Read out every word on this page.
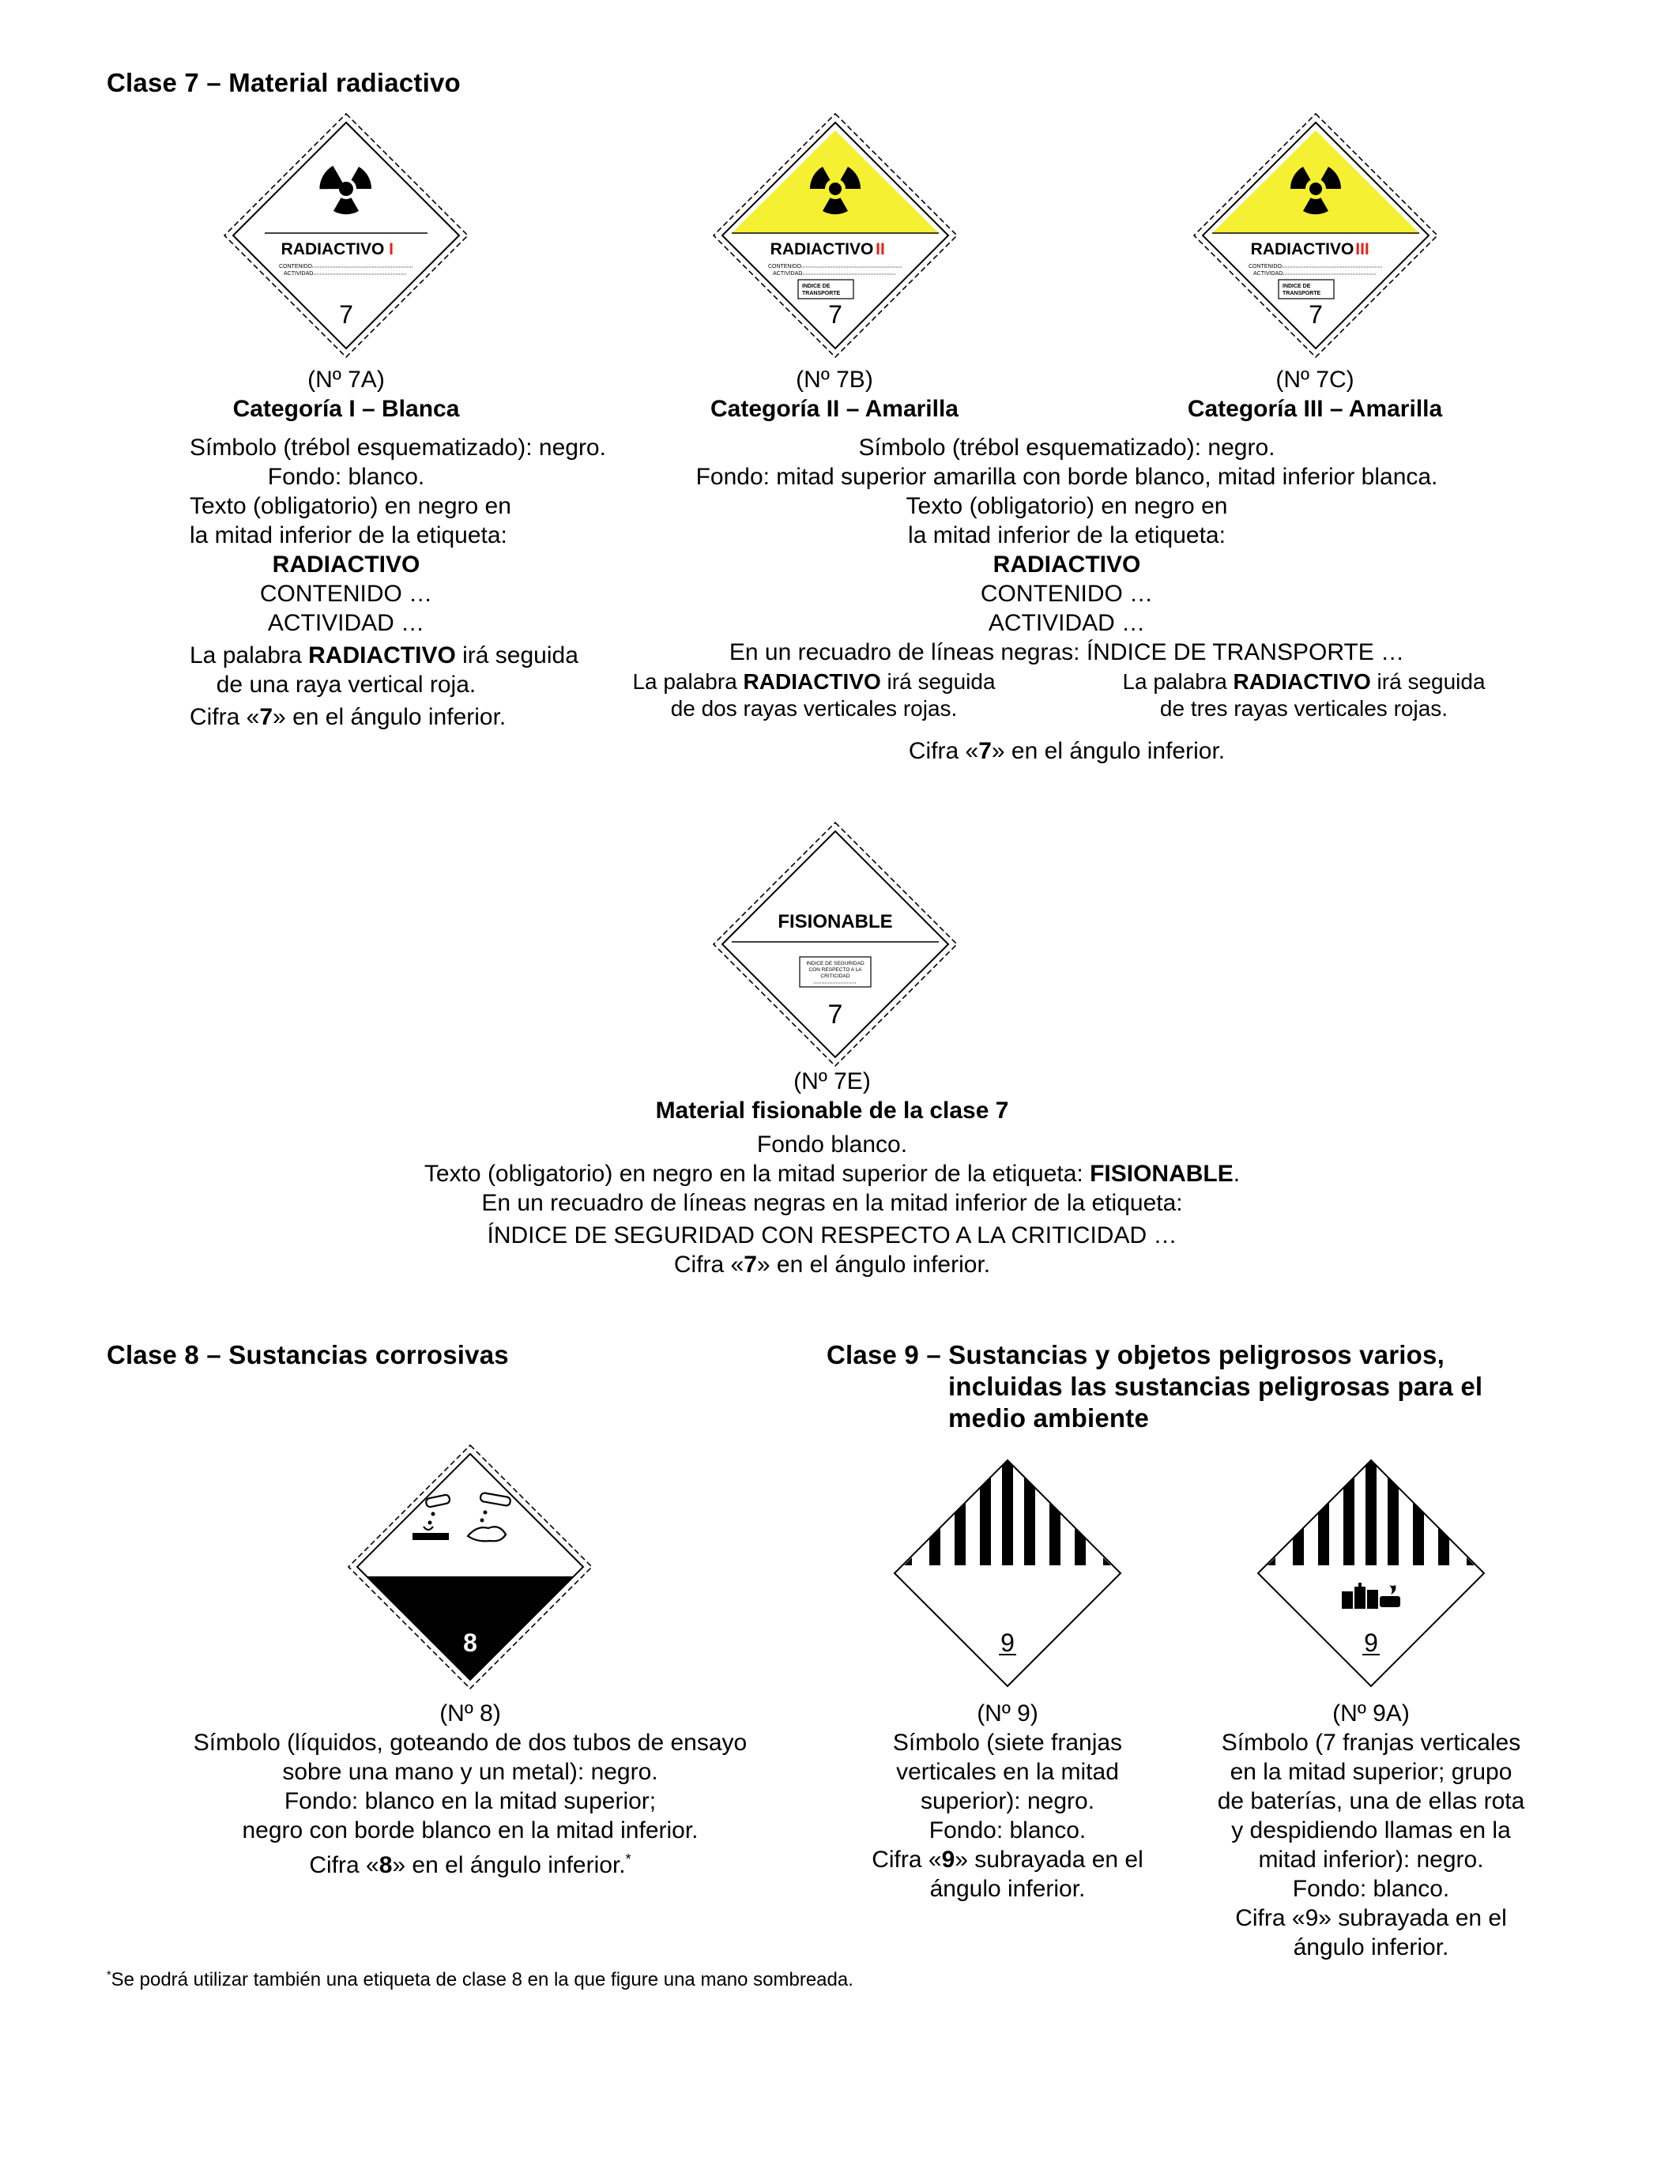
Clase 7 – Material radiactivo
Clase 8 – Sustancias corrosivas	Clase 9 – Sustancias y objetos peligrosos varios,
incluidas las sustancias peligrosas para el
medio ambiente
RADIACTIVO I
CONTENIDO
ACTIVIDAD
7
RADIACTIVO II
CONTENIDO
ACTIVIDAD
INDICE DE
TRANSPORTE
7
RADIACTIVO III
CONTENIDO
ACTIVIDAD
INDICE DE
TRANSPORTE
7
(Nº 7A)
Categoría I – Blanca
Símbolo (trébol esquematizado): negro.
Fondo: blanco.
Texto (obligatorio) en negro en
la mitad inferior de la etiqueta:
RADIACTIVO
CONTENIDO …
ACTIVIDAD …
La palabra RADIACTIVO irá seguida
de una raya vertical roja.
Cifra «7» en el ángulo inferior.
(Nº 7B)
Categoría II – Amarilla
(Nº 7C)
Categoría III – Amarilla
Símbolo (trébol esquematizado): negro.
Fondo: mitad superior amarilla con borde blanco, mitad inferior blanca.
Texto (obligatorio) en negro en
la mitad inferior de la etiqueta:
RADIACTIVO
CONTENIDO …
ACTIVIDAD …
En un recuadro de líneas negras: ÍNDICE DE TRANSPORTE …
La palabra RADIACTIVO irá seguida
de dos rayas verticales rojas.
La palabra RADIACTIVO irá seguida
de tres rayas verticales rojas.
Cifra «7» en el ángulo inferior.
FISIONABLE
INDICE DE SEGURIDAD
CON RESPECTO A LA
CRITICIDAD
7
(Nº 7E)
Material fisionable de la clase 7
Fondo blanco.
Texto (obligatorio) en negro en la mitad superior de la etiqueta: FISIONABLE.
En un recuadro de líneas negras en la mitad inferior de la etiqueta:
ÍNDICE DE SEGURIDAD CON RESPECTO A LA CRITICIDAD …
Cifra «7» en el ángulo inferior.
8
(Nº 8)
Símbolo (líquidos, goteando de dos tubos de ensayo
sobre una mano y un metal): negro.
Fondo: blanco en la mitad superior;
negro con borde blanco en la mitad inferior.
Cifra «8» en el ángulo inferior.*
9	9
(Nº 9)
Símbolo (siete franjas
verticales en la mitad
superior): negro.
Fondo: blanco.
Cifra «9» subrayada en el
ángulo inferior.
(Nº 9A)
Símbolo (7 franjas verticales
en la mitad superior; grupo
de baterías, una de ellas rota
y despidiendo llamas en la
mitad inferior): negro.
Fondo: blanco.
Cifra «9» subrayada en el
ángulo inferior.
*Se podrá utilizar también una etiqueta de clase 8 en la que figure una mano sombreada.
